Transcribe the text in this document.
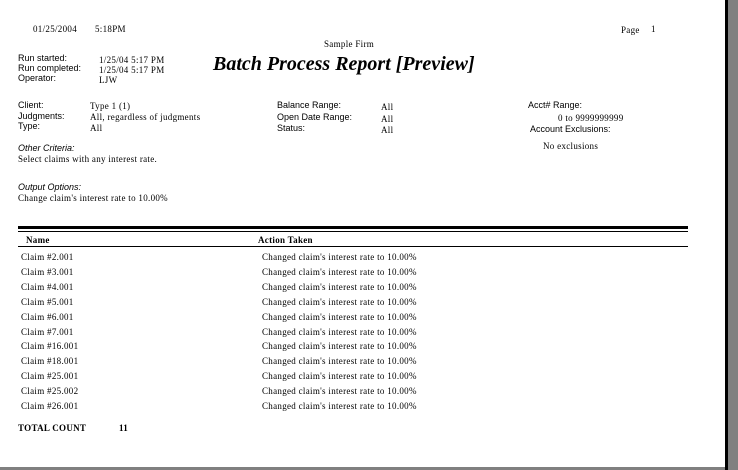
01/25/2004 5:18PM	Page 1
Sample Firm
Batch Process Report [Preview]
Run started:	1/25/04 5:17 PM
Run completed: 1/25/04 5:17 PM
Operator:	LJW
Client:	Type 1 (1)
Judgments:	All, regardless of judgments
Type:	All
Balance Range:	All
Open Date Range:	All
Status:	All
Acct# Range:
0 to 9999999999
Account Exclusions:
No exclusions
Other Criteria:
Select claims with any interest rate.
Output Options:
Change claim's interest rate to 10.00%
Name	Action Taken
Claim #2.001	Changed claim's interest rate to 10.00%
Claim #3.001	Changed claim's interest rate to 10.00%
Claim #4.001	Changed claim's interest rate to 10.00%
Claim #5.001	Changed claim's interest rate to 10.00%
Claim #6.001	Changed claim's interest rate to 10.00%
Claim #7.001	Changed claim's interest rate to 10.00%
Claim #16.001	Changed claim's interest rate to 10.00%
Claim #18.001	Changed claim's interest rate to 10.00%
Claim #25.001	Changed claim's interest rate to 10.00%
Claim #25.002	Changed claim's interest rate to 10.00%
Claim #26.001	Changed claim's interest rate to 10.00%
TOTAL COUNT	11
